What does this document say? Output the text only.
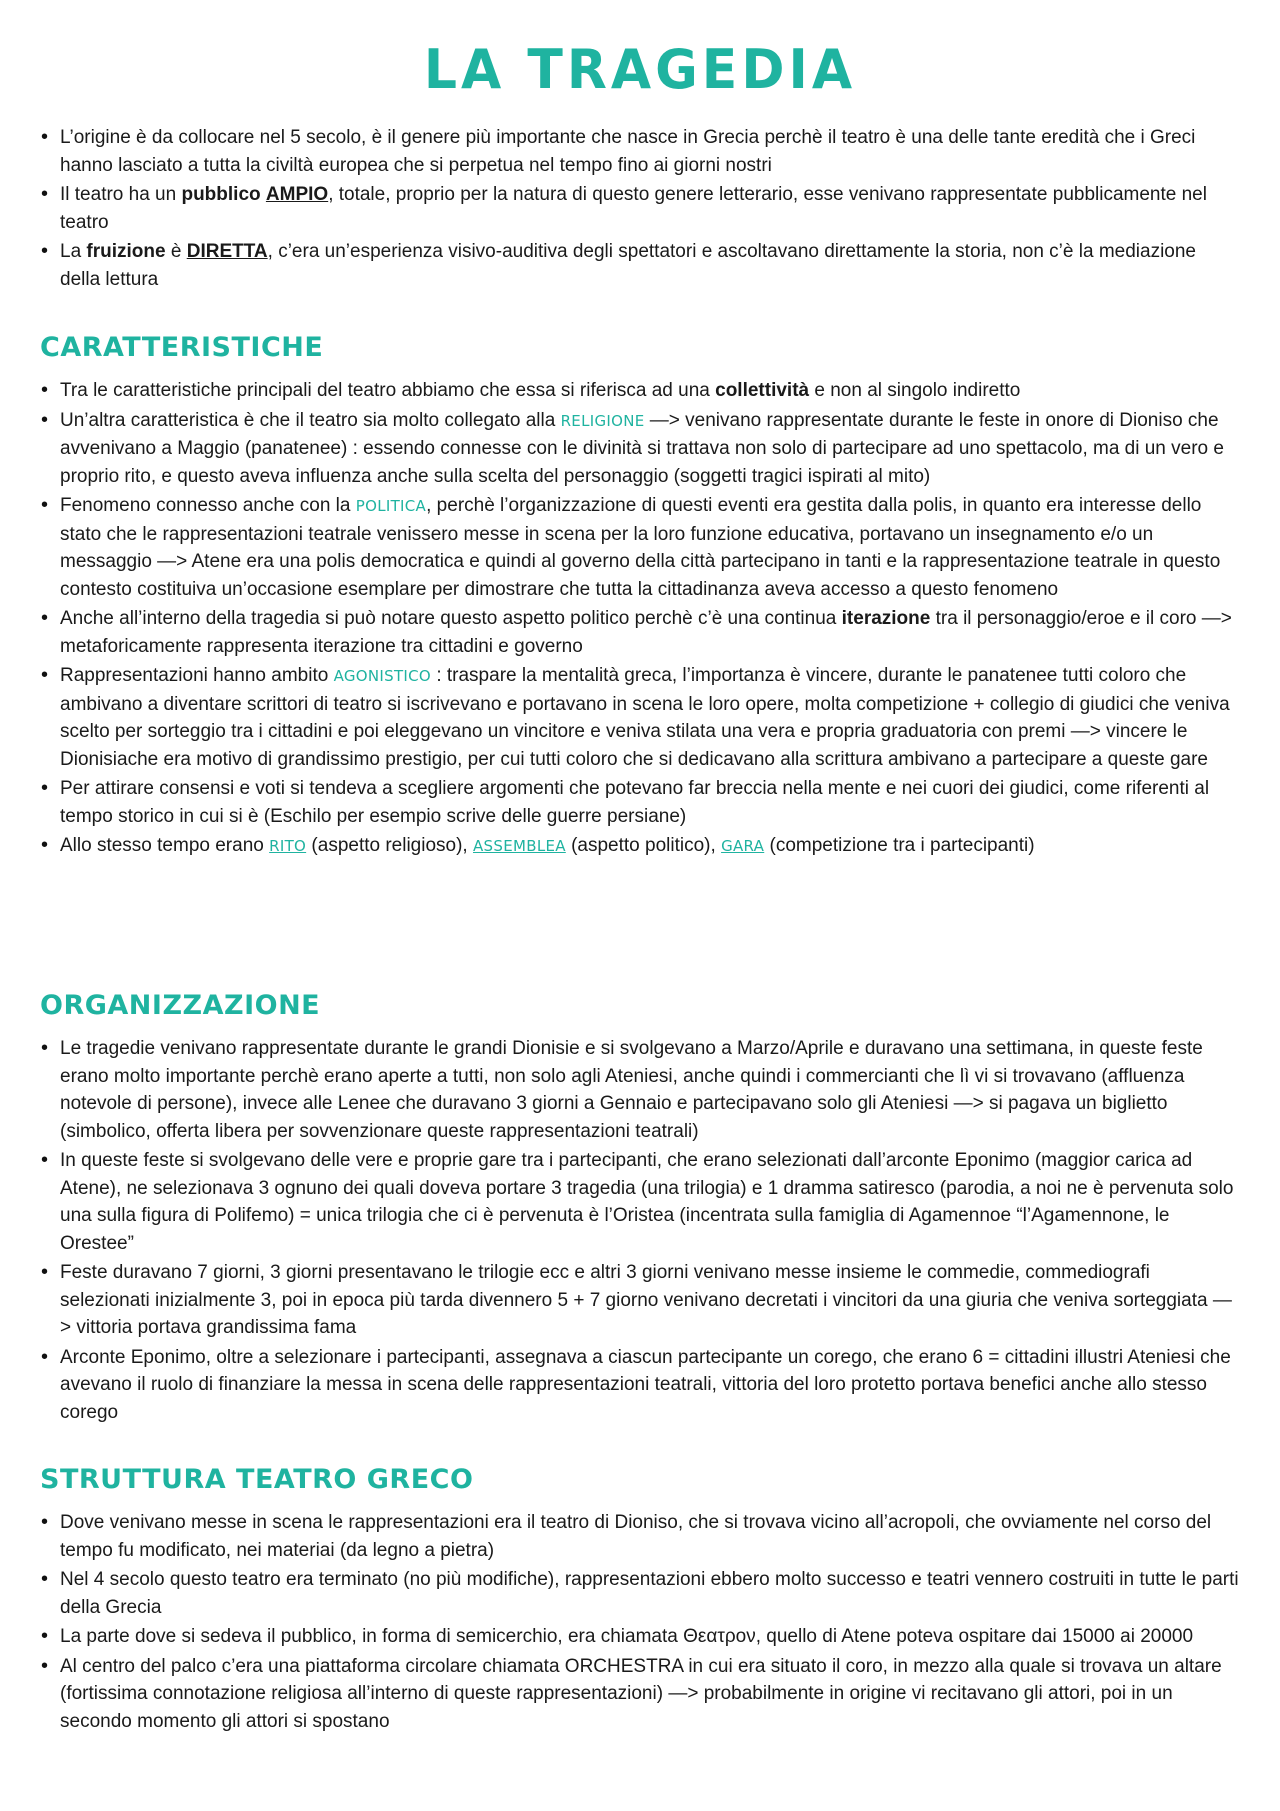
LA TRAGEDIA
• L’origine è da collocare nel 5 secolo, è il genere più importante che nasce in Grecia perchè il teatro è una delle tante eredità che i Greci hanno lasciato a tutta la civiltà europea che si perpetua nel tempo fino ai giorni nostri
• Il teatro ha un pubblico AMPIO, totale, proprio per la natura di questo genere letterario, esse venivano rappresentate pubblicamente nel teatro
• La fruizione è DIRETTA, c’era un’esperienza visivo-auditiva degli spettatori e ascoltavano direttamente la storia, non c’è la mediazione della lettura
CARATTERISTICHE
• Tra le caratteristiche principali del teatro abbiamo che essa si riferisca ad una collettività e non al singolo indiretto
• Un’altra caratteristica è che il teatro sia molto collegato alla RELIGIONE —> venivano rappresentate durante le feste in onore di Dioniso che avvenivano a Maggio (panatenee) : essendo connesse con le divinità si trattava non solo di partecipare ad uno spettacolo, ma di un vero e proprio rito, e questo aveva influenza anche sulla scelta del personaggio (soggetti tragici ispirati al mito)
• Fenomeno connesso anche con la POLITICA, perchè l’organizzazione di questi eventi era gestita dalla polis, in quanto era interesse dello stato che le rappresentazioni teatrale venissero messe in scena per la loro funzione educativa, portavano un insegnamento e/o un messaggio —> Atene era una polis democratica e quindi al governo della città partecipano in tanti e la rappresentazione teatrale in questo contesto costituiva un’occasione esemplare per dimostrare che tutta la cittadinanza aveva accesso a questo fenomeno
• Anche all’interno della tragedia si può notare questo aspetto politico perchè c’è una continua iterazione tra il personaggio/eroe e il coro —> metaforicamente rappresenta iterazione tra cittadini e governo
• Rappresentazioni hanno ambito AGONISTICO : traspare la mentalità greca, l’importanza è vincere, durante le panatenee tutti coloro che ambivano a diventare scrittori di teatro si iscrivevano e portavano in scena le loro opere, molta competizione + collegio di giudici che veniva scelto per sorteggio tra i cittadini e poi eleggevano un vincitore e veniva stilata una vera e propria graduatoria con premi —> vincere le Dionisiache era motivo di grandissimo prestigio, per cui tutti coloro che si dedicavano alla scrittura ambivano a partecipare a queste gare
• Per attirare consensi e voti si tendeva a scegliere argomenti che potevano far breccia nella mente e nei cuori dei giudici, come riferenti al tempo storico in cui si è (Eschilo per esempio scrive delle guerre persiane)
• Allo stesso tempo erano RITO (aspetto religioso), ASSEMBLEA (aspetto politico), GARA (competizione tra i partecipanti)
ORGANIZZAZIONE
• Le tragedie venivano rappresentate durante le grandi Dionisie e si svolgevano a Marzo/Aprile e duravano una settimana, in queste feste erano molto importante perchè erano aperte a tutti, non solo agli Ateniesi, anche quindi i commercianti che lì vi si trovavano (affluenza notevole di persone), invece alle Lenee che duravano 3 giorni a Gennaio e partecipavano solo gli Ateniesi —> si pagava un biglietto (simbolico, offerta libera per sovvenzionare queste rappresentazioni teatrali)
• In queste feste si svolgevano delle vere e proprie gare tra i partecipanti, che erano selezionati dall’arconte Eponimo (maggior carica ad Atene), ne selezionava 3 ognuno dei quali doveva portare 3 tragedia (una trilogia) e 1 dramma satiresco (parodia, a noi ne è pervenuta solo una sulla figura di Polifemo) = unica trilogia che ci è pervenuta è l’Oristea (incentrata sulla famiglia di Agamennoe “l’Agamennone, le Orestee”
• Feste duravano 7 giorni, 3 giorni presentavano le trilogie ecc e altri 3 giorni venivano messe insieme le commedie, commediografi selezionati inizialmente 3, poi in epoca più tarda divennero 5 + 7 giorno venivano decretati i vincitori da una giuria che veniva sorteggiata —> vittoria portava grandissima fama
• Arconte Eponimo, oltre a selezionare i partecipanti, assegnava a ciascun partecipante un corego, che erano 6 = cittadini illustri Ateniesi che avevano il ruolo di finanziare la messa in scena delle rappresentazioni teatrali, vittoria del loro protetto portava benefici anche allo stesso corego
STRUTTURA TEATRO GRECO
• Dove venivano messe in scena le rappresentazioni era il teatro di Dioniso, che si trovava vicino all’acropoli, che ovviamente nel corso del tempo fu modificato, nei materiai (da legno a pietra)
• Nel 4 secolo questo teatro era terminato (no più modifiche), rappresentazioni ebbero molto successo e teatri vennero costruiti in tutte le parti della Grecia
• La parte dove si sedeva il pubblico, in forma di semicerchio, era chiamata Θεατρον, quello di Atene poteva ospitare dai 15000 ai 20000
• Al centro del palco c’era una piattaforma circolare chiamata ORCHESTRA in cui era situato il coro, in mezzo alla quale si trovava un altare (fortissima connotazione religiosa all’interno di queste rappresentazioni) —> probabilmente in origine vi recitavano gli attori, poi in un secondo momento gli attori si spostano
